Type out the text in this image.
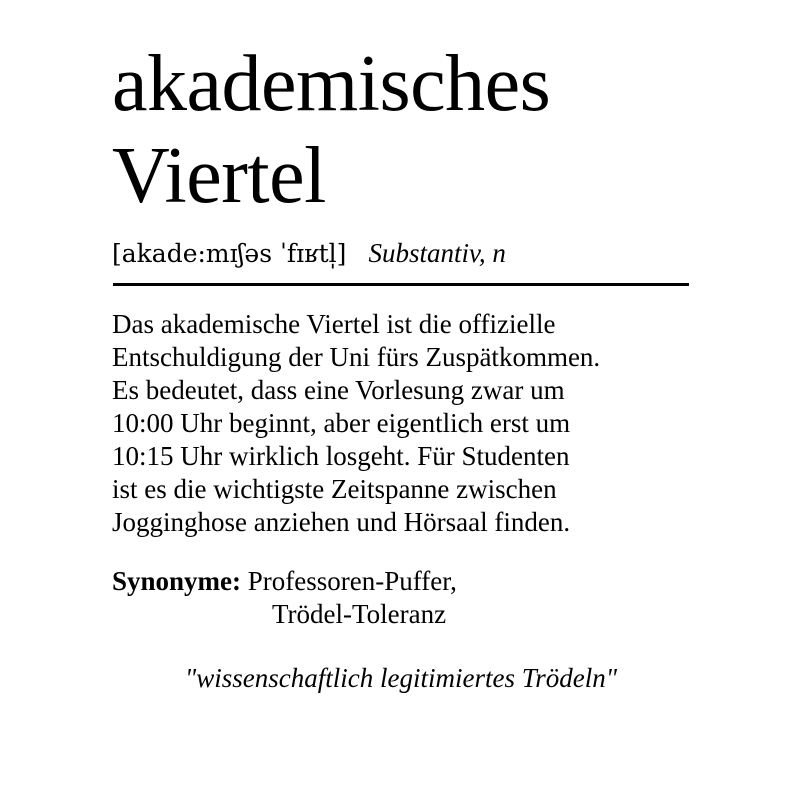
akademisches
Viertel
[akade:mɪʃəs ˈfɪʁtl̩] Substantiv, n

Das akademische Viertel ist die offizielle
Entschuldigung der Uni fürs Zuspätkommen.
Es bedeutet, dass eine Vorlesung zwar um
10:00 Uhr beginnt, aber eigentlich erst um
10:15 Uhr wirklich losgeht. Für Studenten
ist es die wichtigste Zeitspanne zwischen
Jogginghose anziehen und Hörsaal finden.

Synonyme: Professoren-Puffer,
Trödel-Toleranz
"wissenschaftlich legitimiertes Trödeln"
